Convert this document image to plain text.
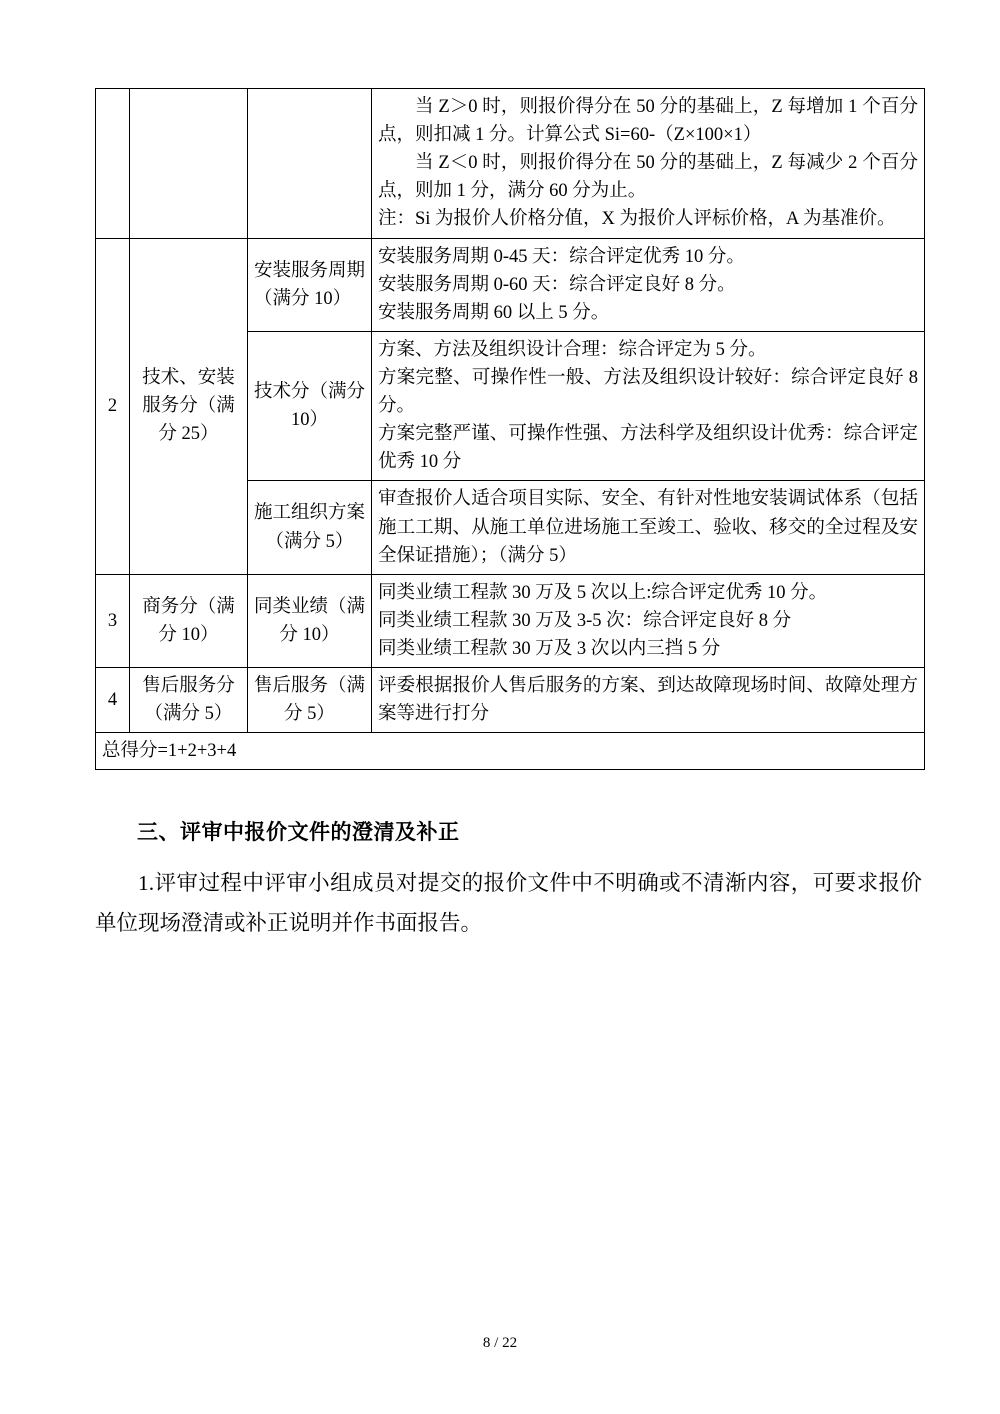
			当 Z＞0 时，则报价得分在 50 分的基础上，Z 每增加 1 个百分点，则扣减 1 分。计算公式 Si=60-（Z×100×1）

当 Z＜0 时，则报价得分在 50 分的基础上，Z 每减少 2 个百分点，则加 1 分，满分 60 分为止。

注：Si 为报价人价格分值，X 为报价人评标价格，A 为基准价。

2	技术、安装服务分（满分 25）	安装服务周期 （满分 10）	安装服务周期 0-45 天：综合评定优秀 10 分。

安装服务周期 0-60 天：综合评定良好 8 分。

安装服务周期 60 以上 5 分。

		技术分（满分 10）	方案、方法及组织设计合理：综合评定为 5 分。

方案完整、可操作性一般、方法及组织设计较好：综合评定良好 8 分。

方案完整严谨、可操作性强、方法科学及组织设计优秀：综合评定优秀 10 分

		施工组织方案（满分 5）	审查报价人适合项目实际、安全、有针对性地安装调试体系（包括施工工期、从施工单位进场施工至竣工、验收、移交的全过程及安全保证措施）；（满分 5）

3	商务分（满分 10）	同类业绩（满分 10）	同类业绩工程款 30 万及 5 次以上:综合评定优秀 10 分。

同类业绩工程款 30 万及 3-5 次：综合评定良好 8 分

同类业绩工程款 30 万及 3 次以内三挡 5 分

4	售后服务分（满分 5）	售后服务（满分 5）	评委根据报价人售后服务的方案、到达故障现场时间、故障处理方案等进行打分

总得分=1+2+3+4			
三、评审中报价文件的澄清及补正

1.评审过程中评审小组成员对提交的报价文件中不明确或不清渐内容，可要求报价单位现场澄清或补正说明并作书面报告。

8 / 22
